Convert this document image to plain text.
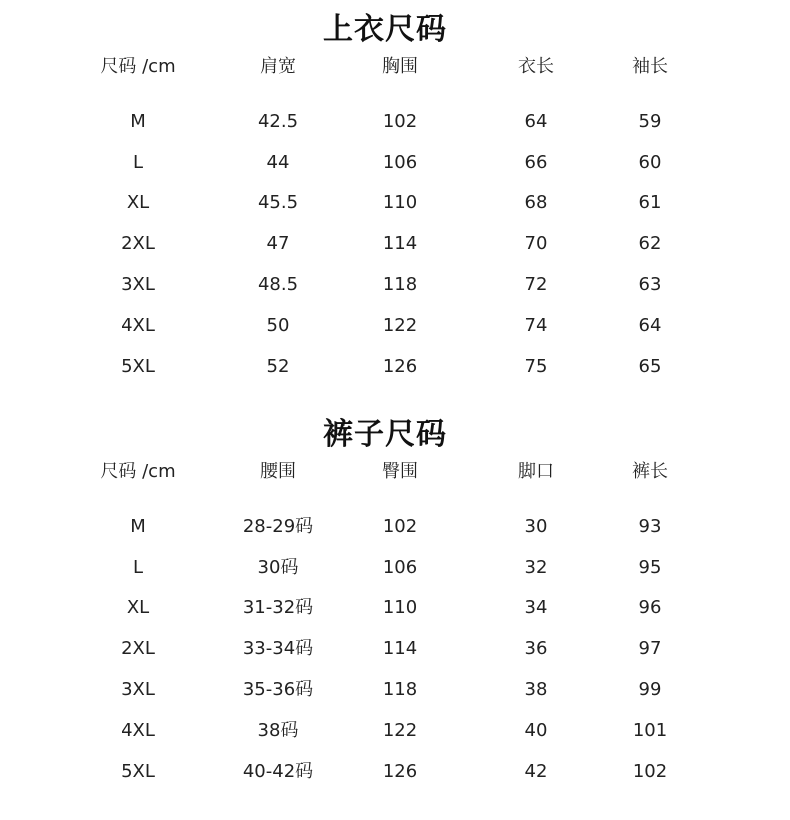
上衣尺码
尺码 /cm	肩宽	胸围	衣长	袖长
M	42.5	102	64	59
L	44	106	66	60
XL	45.5	110	68	61
2XL	47	114	70	62
3XL	48.5	118	72	63
4XL	50	122	74	64
5XL	52	126	75	65
裤子尺码
尺码 /cm	腰围	臀围	脚口	裤长
M	28-29码	102	30	93
L	30码	106	32	95
XL	31-32码	110	34	96
2XL	33-34码	114	36	97
3XL	35-36码	118	38	99
4XL	38码	122	40	101
5XL	40-42码	126	42	102
